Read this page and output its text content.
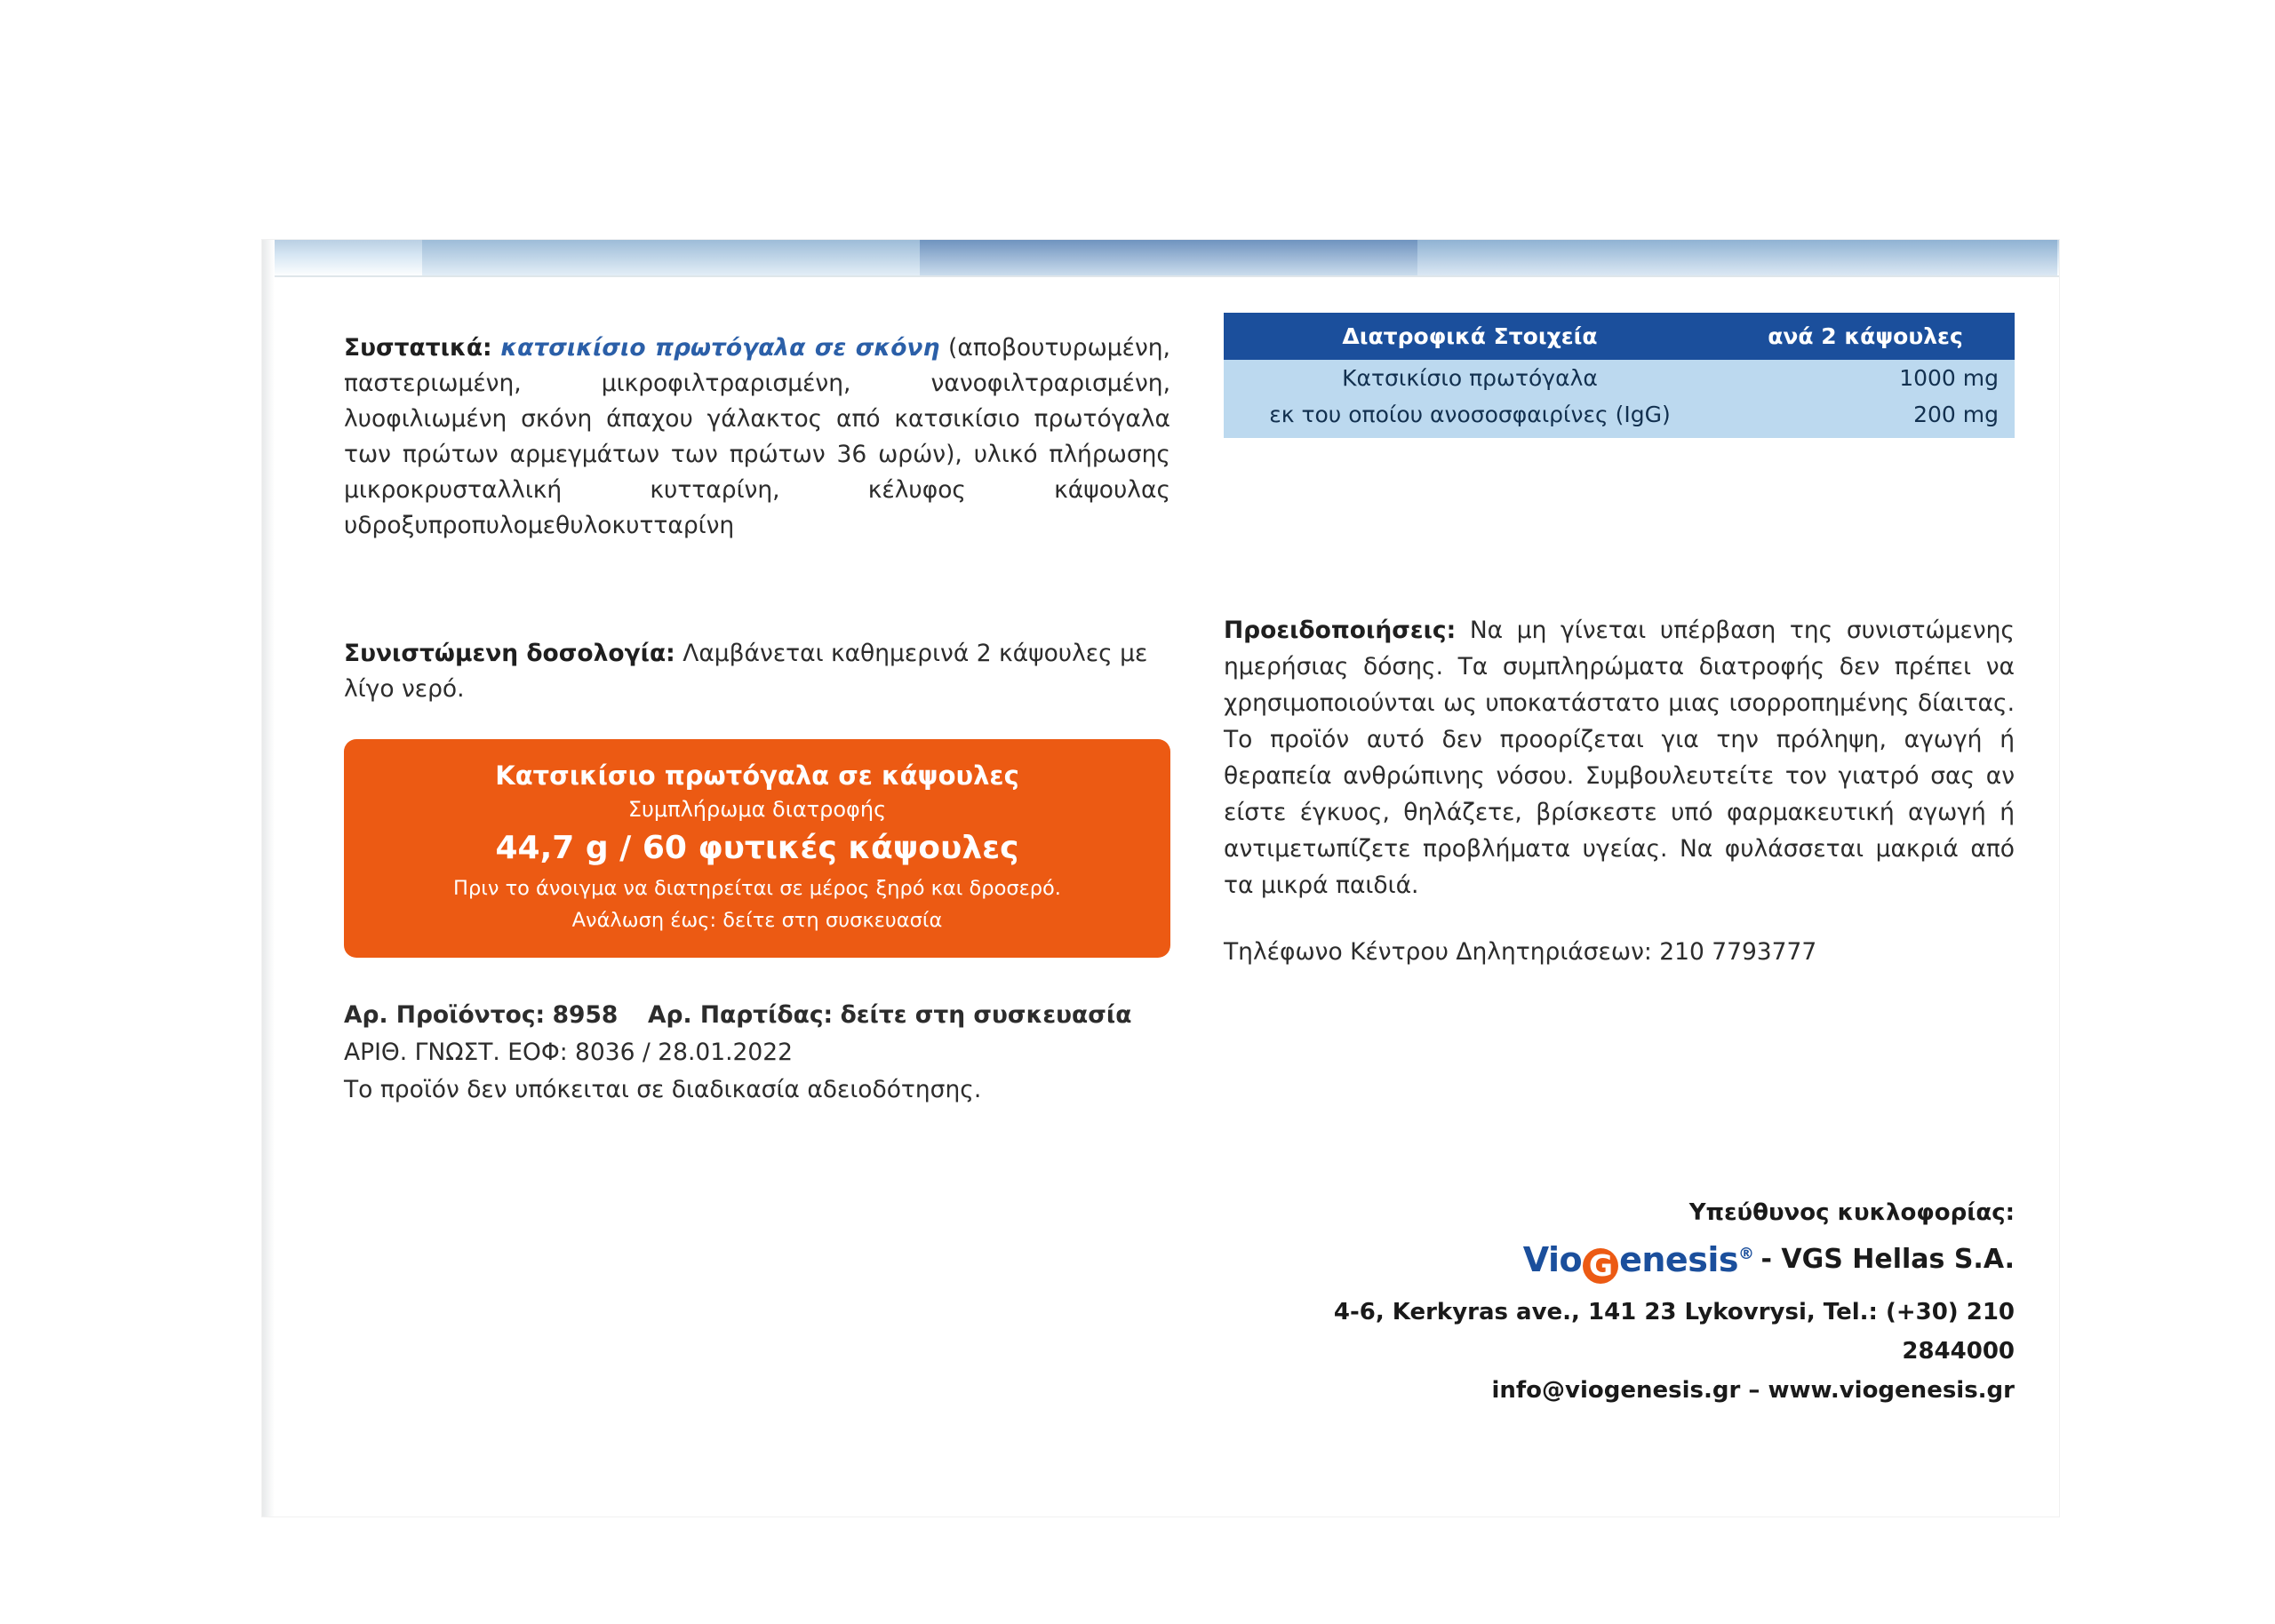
Συστατικά: κατσικίσιο πρωτόγαλα σε σκόνη (αποβουτυρωμένη, παστεριωμένη, μικροφιλτραρισμένη, νανοφιλτραρισμένη, λυοφιλιωμένη σκόνη άπαχου γάλακτος από κατσικίσιο πρωτόγαλα των πρώτων αρμεγμάτων των πρώτων 36 ωρών), υλικό πλήρωσης μικροκρυσταλλική κυτταρίνη, κέλυφος κάψουλας υδροξυπροπυλομεθυλοκυτταρίνη
Συνιστώμενη δοσολογία: Λαμβάνεται καθημερινά 2 κάψουλες με λίγο νερό.
Κατσικίσιο πρωτόγαλα σε κάψουλες
Συμπλήρωμα διατροφής
44,7 g / 60 φυτικές κάψουλες
Πριν το άνοιγμα να διατηρείται σε μέρος ξηρό και δροσερό.
Ανάλωση έως: δείτε στη συσκευασία
Αρ. Προϊόντος: 8958 Αρ. Παρτίδας: δείτε στη συσκευασία
ΑΡΙΘ. ΓΝΩΣΤ. ΕΟΦ: 8036 / 28.01.2022
Το προϊόν δεν υπόκειται σε διαδικασία αδειοδότησης.
Διατροφικά Στοιχεία	ανά 2 κάψουλες
Κατσικίσιο πρωτόγαλα	1000 mg
εκ του οποίου ανοσοσφαιρίνες (IgG)	200 mg
Προειδοποιήσεις: Να μη γίνεται υπέρβαση της συνιστώμενης ημερήσιας δόσης. Τα συμπληρώματα διατροφής δεν πρέπει να χρησιμοποιούνται ως υποκατάστατο μιας ισορροπημένης δίαιτας. Το προϊόν αυτό δεν προορίζεται για την πρόληψη, αγωγή ή θεραπεία ανθρώπινης νόσου. Συμβουλευτείτε τον γιατρό σας αν είστε έγκυος, θηλάζετε, βρίσκεστε υπό φαρμακευτική αγωγή ή αντιμετωπίζετε προβλήματα υγείας. Να φυλάσσεται μακριά από τα μικρά παιδιά.
Τηλέφωνο Κέντρου Δηλητηριάσεων: 210 7793777
Υπεύθυνος κυκλοφορίας:
Vio G enesis® - VGS Hellas S.A.
4-6, Kerkyras ave., 141 23 Lykovrysi, Tel.: (+30) 210 2844000
info@viogenesis.gr – www.viogenesis.gr
